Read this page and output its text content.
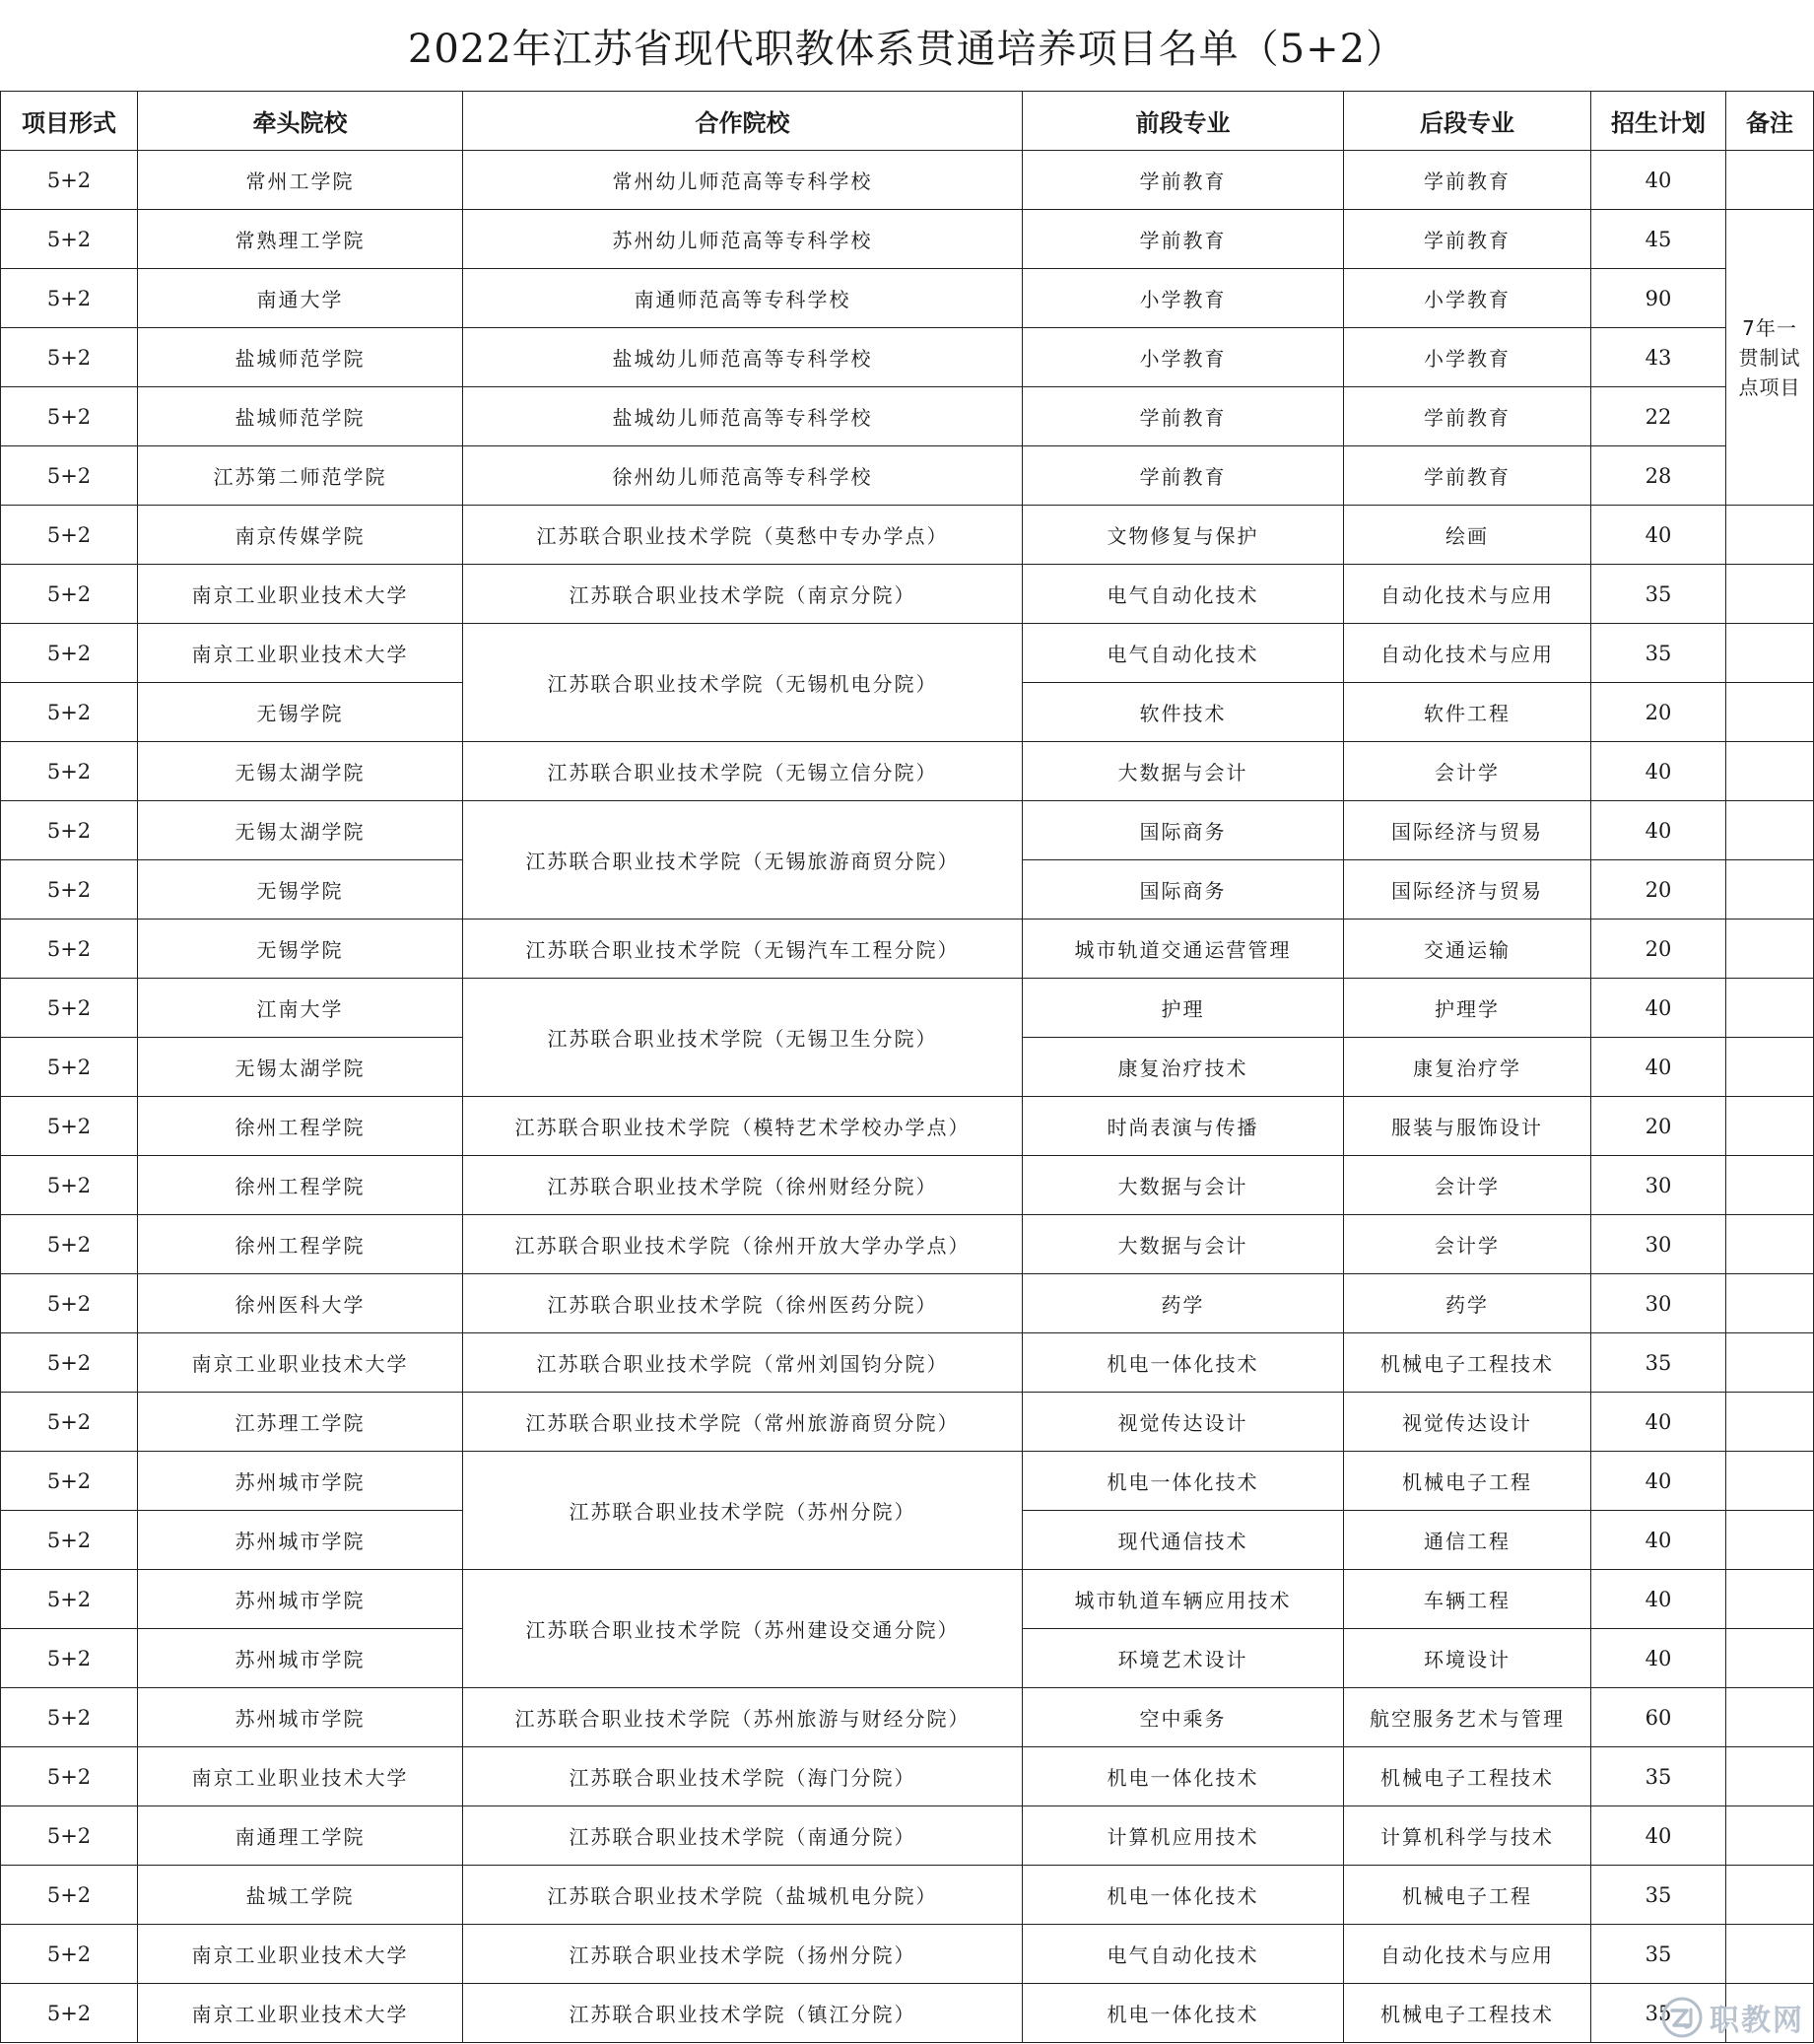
2022年江苏省现代职教体系贯通培养项目名单（5+2）
项目形式	牵头院校	合作院校	前段专业	后段专业	招生计划	备注
5+2	常州工学院	常州幼儿师范高等专科学校	学前教育	学前教育	40	
5+2	常熟理工学院	苏州幼儿师范高等专科学校	学前教育	学前教育	45	7年一贯制试点项目
5+2	南通大学	南通师范高等专科学校	小学教育	小学教育	90	
5+2	盐城师范学院	盐城幼儿师范高等专科学校	小学教育	小学教育	43	
5+2	盐城师范学院	盐城幼儿师范高等专科学校	学前教育	学前教育	22	
5+2	江苏第二师范学院	徐州幼儿师范高等专科学校	学前教育	学前教育	28	
5+2	南京传媒学院	江苏联合职业技术学院（莫愁中专办学点）	文物修复与保护	绘画	40	
5+2	南京工业职业技术大学	江苏联合职业技术学院（南京分院）	电气自动化技术	自动化技术与应用	35	
5+2	南京工业职业技术大学	江苏联合职业技术学院（无锡机电分院）	电气自动化技术	自动化技术与应用	35	
5+2	无锡学院		软件技术	软件工程	20	
5+2	无锡太湖学院	江苏联合职业技术学院（无锡立信分院）	大数据与会计	会计学	40	
5+2	无锡太湖学院	江苏联合职业技术学院（无锡旅游商贸分院）	国际商务	国际经济与贸易	40	
5+2	无锡学院		国际商务	国际经济与贸易	20	
5+2	无锡学院	江苏联合职业技术学院（无锡汽车工程分院）	城市轨道交通运营管理	交通运输	20	
5+2	江南大学	江苏联合职业技术学院（无锡卫生分院）	护理	护理学	40	
5+2	无锡太湖学院		康复治疗技术	康复治疗学	40	
5+2	徐州工程学院	江苏联合职业技术学院（模特艺术学校办学点）	时尚表演与传播	服装与服饰设计	20	
5+2	徐州工程学院	江苏联合职业技术学院（徐州财经分院）	大数据与会计	会计学	30	
5+2	徐州工程学院	江苏联合职业技术学院（徐州开放大学办学点）	大数据与会计	会计学	30	
5+2	徐州医科大学	江苏联合职业技术学院（徐州医药分院）	药学	药学	30	
5+2	南京工业职业技术大学	江苏联合职业技术学院（常州刘国钧分院）	机电一体化技术	机械电子工程技术	35	
5+2	江苏理工学院	江苏联合职业技术学院（常州旅游商贸分院）	视觉传达设计	视觉传达设计	40	
5+2	苏州城市学院	江苏联合职业技术学院（苏州分院）	机电一体化技术	机械电子工程	40	
5+2	苏州城市学院		现代通信技术	通信工程	40	
5+2	苏州城市学院	江苏联合职业技术学院（苏州建设交通分院）	城市轨道车辆应用技术	车辆工程	40	
5+2	苏州城市学院		环境艺术设计	环境设计	40	
5+2	苏州城市学院	江苏联合职业技术学院（苏州旅游与财经分院）	空中乘务	航空服务艺术与管理	60	
5+2	南京工业职业技术大学	江苏联合职业技术学院（海门分院）	机电一体化技术	机械电子工程技术	35	
5+2	南通理工学院	江苏联合职业技术学院（南通分院）	计算机应用技术	计算机科学与技术	40	
5+2	盐城工学院	江苏联合职业技术学院（盐城机电分院）	机电一体化技术	机械电子工程	35	
5+2	南京工业职业技术大学	江苏联合职业技术学院（扬州分院）	电气自动化技术	自动化技术与应用	35	
5+2	南京工业职业技术大学	江苏联合职业技术学院（镇江分院）	机电一体化技术	机械电子工程技术	35	职教网
